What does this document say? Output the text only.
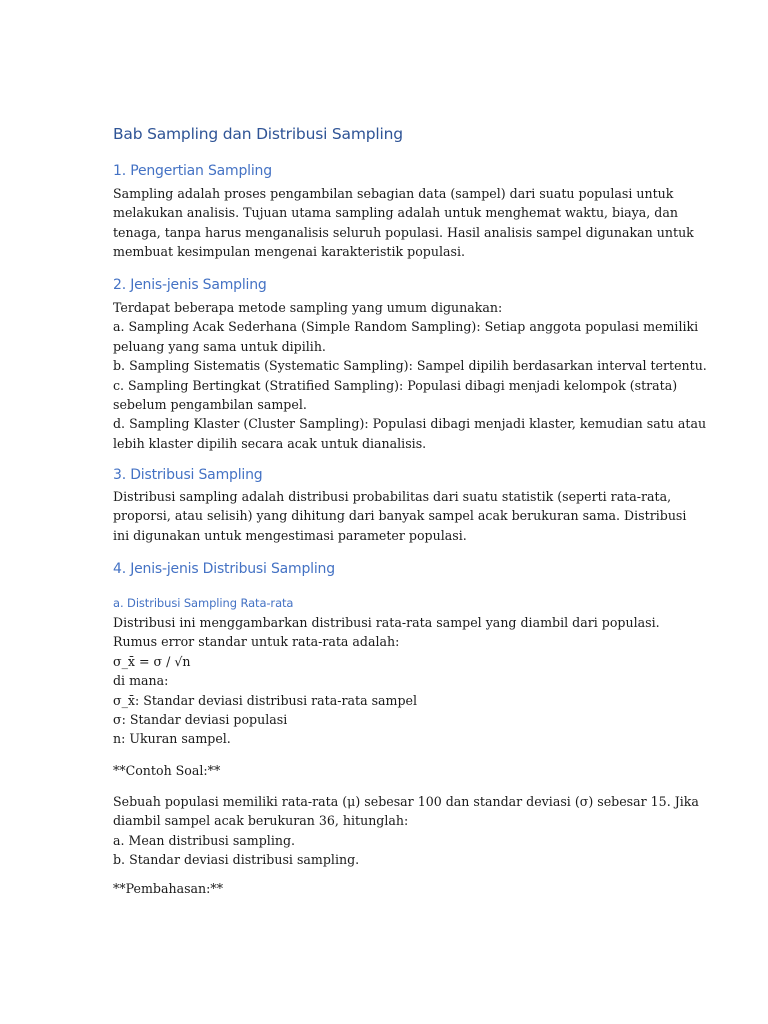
Bab Sampling dan Distribusi Sampling
1. Pengertian Sampling
Sampling adalah proses pengambilan sebagian data (sampel) dari suatu populasi untuk
melakukan analisis. Tujuan utama sampling adalah untuk menghemat waktu, biaya, dan
tenaga, tanpa harus menganalisis seluruh populasi. Hasil analisis sampel digunakan untuk
membuat kesimpulan mengenai karakteristik populasi.
2. Jenis-jenis Sampling
Terdapat beberapa metode sampling yang umum digunakan:
a. Sampling Acak Sederhana (Simple Random Sampling): Setiap anggota populasi memiliki
peluang yang sama untuk dipilih.
b. Sampling Sistematis (Systematic Sampling): Sampel dipilih berdasarkan interval tertentu.
c. Sampling Bertingkat (Stratified Sampling): Populasi dibagi menjadi kelompok (strata)
sebelum pengambilan sampel.
d. Sampling Klaster (Cluster Sampling): Populasi dibagi menjadi klaster, kemudian satu atau
lebih klaster dipilih secara acak untuk dianalisis.
3. Distribusi Sampling
Distribusi sampling adalah distribusi probabilitas dari suatu statistik (seperti rata-rata,
proporsi, atau selisih) yang dihitung dari banyak sampel acak berukuran sama. Distribusi
ini digunakan untuk mengestimasi parameter populasi.
4. Jenis-jenis Distribusi Sampling
a. Distribusi Sampling Rata-rata
Distribusi ini menggambarkan distribusi rata-rata sampel yang diambil dari populasi.
Rumus error standar untuk rata-rata adalah:
σ_x̄ = σ / √n
di mana:
σ_x̄: Standar deviasi distribusi rata-rata sampel
σ: Standar deviasi populasi
n: Ukuran sampel.
**Contoh Soal:**
Sebuah populasi memiliki rata-rata (μ) sebesar 100 dan standar deviasi (σ) sebesar 15. Jika
diambil sampel acak berukuran 36, hitunglah:
a. Mean distribusi sampling.
b. Standar deviasi distribusi sampling.
**Pembahasan:**
